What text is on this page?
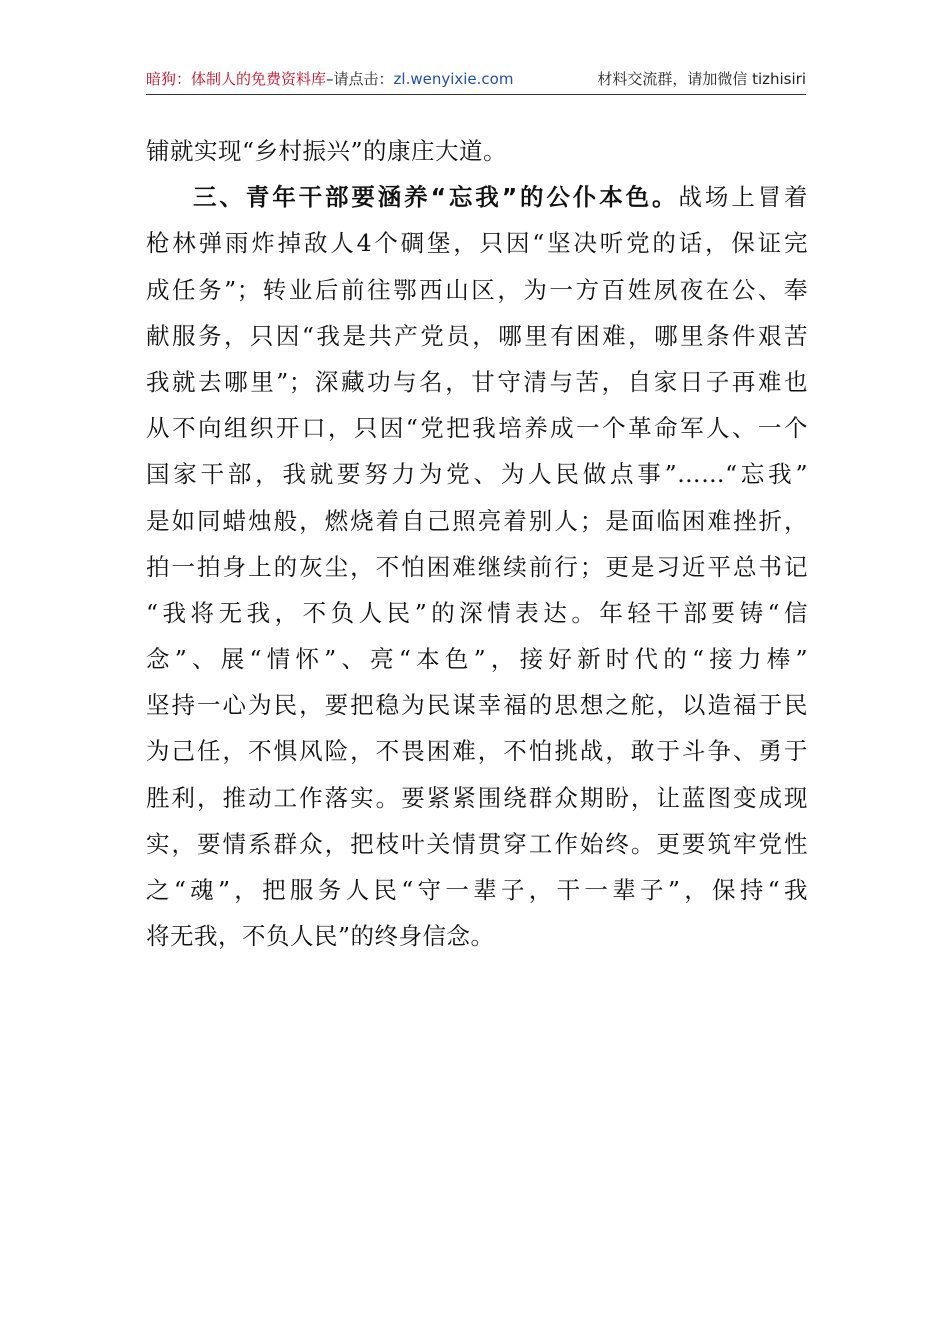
暗狗：体制人的免费资料库–请点击：zl.wenyixie.com	材料交流群，请加微信 tizhisiri
铺就实现“乡村振兴”的康庄大道。
三、青年干部要涵养“忘我”的公仆本色。战场上冒着
枪林弹雨炸掉敌人4个碉堡，只因“坚决听党的话，保证完
成任务”；转业后前往鄂西山区，为一方百姓夙夜在公、奉
献服务，只因“我是共产党员，哪里有困难，哪里条件艰苦
我就去哪里”；深藏功与名，甘守清与苦，自家日子再难也
从不向组织开口，只因“党把我培养成一个革命军人、一个
国家干部，我就要努力为党、为人民做点事”……“忘我”
是如同蜡烛般，燃烧着自己照亮着别人；是面临困难挫折，
拍一拍身上的灰尘，不怕困难继续前行；更是习近平总书记
“我将无我，不负人民”的深情表达。年轻干部要铸“信
念”、展“情怀”、亮“本色”，接好新时代的“接力棒”
坚持一心为民，要把稳为民谋幸福的思想之舵，以造福于民
为己任，不惧风险，不畏困难，不怕挑战，敢于斗争、勇于
胜利，推动工作落实。要紧紧围绕群众期盼，让蓝图变成现
实，要情系群众，把枝叶关情贯穿工作始终。更要筑牢党性
之“魂”，把服务人民“守一辈子，干一辈子”，保持“我
将无我，不负人民”的终身信念。
